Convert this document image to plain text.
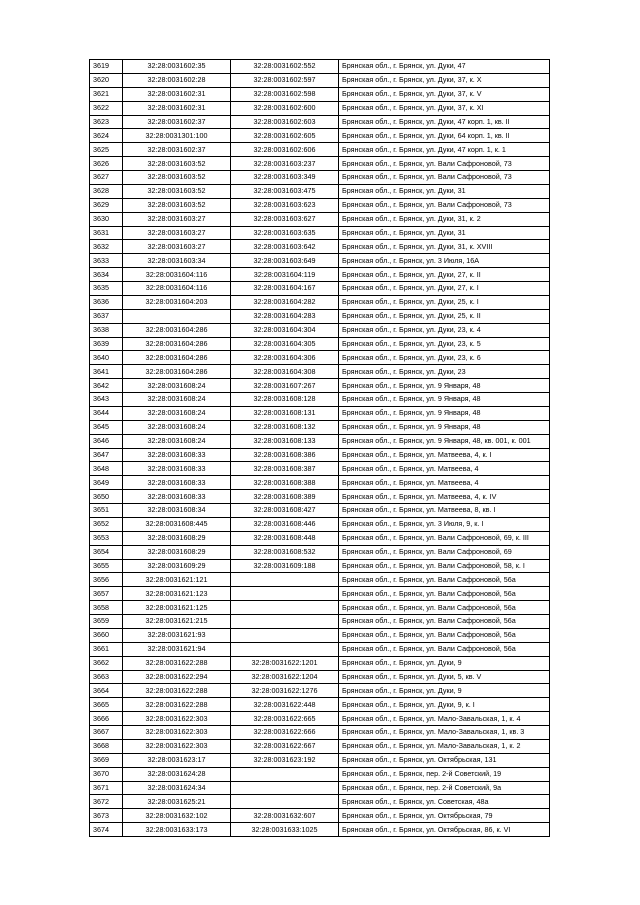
3619	32:28:0031602:35	32:28:0031602:552	Брянская обл., г. Брянск, ул. Дуки, 47
3620	32:28:0031602:28	32:28:0031602:597	Брянская обл., г. Брянск, ул. Дуки, 37, к. X
3621	32:28:0031602:31	32:28:0031602:598	Брянская обл., г. Брянск, ул. Дуки, 37, к. V
3622	32:28:0031602:31	32:28:0031602:600	Брянская обл., г. Брянск, ул. Дуки, 37, к. XI
3623	32:28:0031602:37	32:28:0031602:603	Брянская обл., г. Брянск, ул. Дуки, 47 корп. 1, кв. II
3624	32:28:0031301:100	32:28:0031602:605	Брянская обл., г. Брянск, ул. Дуки, 64 корп. 1, кв. II
3625	32:28:0031602:37	32:28:0031602:606	Брянская обл., г. Брянск, ул. Дуки, 47 корп. 1, к. 1
3626	32:28:0031603:52	32:28:0031603:237	Брянская обл., г. Брянск, ул. Вали Сафроновой, 73
3627	32:28:0031603:52	32:28:0031603:349	Брянская обл., г. Брянск, ул. Вали Сафроновой, 73
3628	32:28:0031603:52	32:28:0031603:475	Брянская обл., г. Брянск, ул. Дуки, 31
3629	32:28:0031603:52	32:28:0031603:623	Брянская обл., г. Брянск, ул. Вали Сафроновой, 73
3630	32:28:0031603:27	32:28:0031603:627	Брянская обл., г. Брянск, ул. Дуки, 31, к. 2
3631	32:28:0031603:27	32:28:0031603:635	Брянская обл., г. Брянск, ул. Дуки, 31
3632	32:28:0031603:27	32:28:0031603:642	Брянская обл., г. Брянск, ул. Дуки, 31, к. XVIII
3633	32:28:0031603:34	32:28:0031603:649	Брянская обл., г. Брянск, ул. 3 Июля, 16А
3634	32:28:0031604:116	32:28:0031604:119	Брянская обл., г. Брянск, ул. Дуки, 27, к. II
3635	32:28:0031604:116	32:28:0031604:167	Брянская обл., г. Брянск, ул. Дуки, 27, к. I
3636	32:28:0031604:203	32:28:0031604:282	Брянская обл., г. Брянск, ул. Дуки, 25, к. I
3637		32:28:0031604:283	Брянская обл., г. Брянск, ул. Дуки, 25, к. II
3638	32:28:0031604:286	32:28:0031604:304	Брянская обл., г. Брянск, ул. Дуки, 23, к. 4
3639	32:28:0031604:286	32:28:0031604:305	Брянская обл., г. Брянск, ул. Дуки, 23, к. 5
3640	32:28:0031604:286	32:28:0031604:306	Брянская обл., г. Брянск, ул. Дуки, 23, к. 6
3641	32:28:0031604:286	32:28:0031604:308	Брянская обл., г. Брянск, ул. Дуки, 23
3642	32:28:0031608:24	32:28:0031607:267	Брянская обл., г. Брянск, ул. 9 Января, 48
3643	32:28:0031608:24	32:28:0031608:128	Брянская обл., г. Брянск, ул. 9 Января, 48
3644	32:28:0031608:24	32:28:0031608:131	Брянская обл., г. Брянск, ул. 9 Января, 48
3645	32:28:0031608:24	32:28:0031608:132	Брянская обл., г. Брянск, ул. 9 Января, 48
3646	32:28:0031608:24	32:28:0031608:133	Брянская обл., г. Брянск, ул. 9 Января, 48, кв. 001, к. 001
3647	32:28:0031608:33	32:28:0031608:386	Брянская обл., г. Брянск, ул. Матвеева, 4, к. I
3648	32:28:0031608:33	32:28:0031608:387	Брянская обл., г. Брянск, ул. Матвеева, 4
3649	32:28:0031608:33	32:28:0031608:388	Брянская обл., г. Брянск, ул. Матвеева, 4
3650	32:28:0031608:33	32:28:0031608:389	Брянская обл., г. Брянск, ул. Матвеева, 4, к. IV
3651	32:28:0031608:34	32:28:0031608:427	Брянская обл., г. Брянск, ул. Матвеева, 8, кв. I
3652	32:28:0031608:445	32:28:0031608:446	Брянская обл., г. Брянск, ул. 3 Июля, 9, к. I
3653	32:28:0031608:29	32:28:0031608:448	Брянская обл., г. Брянск, ул. Вали Сафроновой, 69, к. III
3654	32:28:0031608:29	32:28:0031608:532	Брянская обл., г. Брянск, ул. Вали Сафроновой, 69
3655	32:28:0031609:29	32:28:0031609:188	Брянская обл., г. Брянск, ул. Вали Сафроновой, 58, к. I
3656	32:28:0031621:121		Брянская обл., г. Брянск, ул. Вали Сафроновой, 56а
3657	32:28:0031621:123		Брянская обл., г. Брянск, ул. Вали Сафроновой, 56а
3658	32:28:0031621:125		Брянская обл., г. Брянск, ул. Вали Сафроновой, 56а
3659	32:28:0031621:215		Брянская обл., г. Брянск, ул. Вали Сафроновой, 56а
3660	32:28:0031621:93		Брянская обл., г. Брянск, ул. Вали Сафроновой, 56а
3661	32:28:0031621:94		Брянская обл., г. Брянск, ул. Вали Сафроновой, 56а
3662	32:28:0031622:288	32:28:0031622:1201	Брянская обл., г. Брянск, ул. Дуки, 9
3663	32:28:0031622:294	32:28:0031622:1204	Брянская обл., г. Брянск, ул. Дуки, 5, кв. V
3664	32:28:0031622:288	32:28:0031622:1276	Брянская обл., г. Брянск, ул. Дуки, 9
3665	32:28:0031622:288	32:28:0031622:448	Брянская обл., г. Брянск, ул. Дуки, 9, к. I
3666	32:28:0031622:303	32:28:0031622:665	Брянская обл., г. Брянск, ул. Мало-Завальская, 1, к. 4
3667	32:28:0031622:303	32:28:0031622:666	Брянская обл., г. Брянск, ул. Мало-Завальская, 1, кв. 3
3668	32:28:0031622:303	32:28:0031622:667	Брянская обл., г. Брянск, ул. Мало-Завальская, 1, к. 2
3669	32:28:0031623:17	32:28:0031623:192	Брянская обл., г. Брянск, ул. Октябрьская, 131
3670	32:28:0031624:28		Брянская обл., г. Брянск, пер. 2-й Советский, 19
3671	32:28:0031624:34		Брянская обл., г. Брянск, пер. 2-й Советский, 9а
3672	32:28:0031625:21		Брянская обл., г. Брянск, ул. Советская, 48а
3673	32:28:0031632:102	32:28:0031632:607	Брянская обл., г. Брянск, ул. Октябрьская, 79
3674	32:28:0031633:173	32:28:0031633:1025	Брянская обл., г. Брянск, ул. Октябрьская, 86, к. VI
